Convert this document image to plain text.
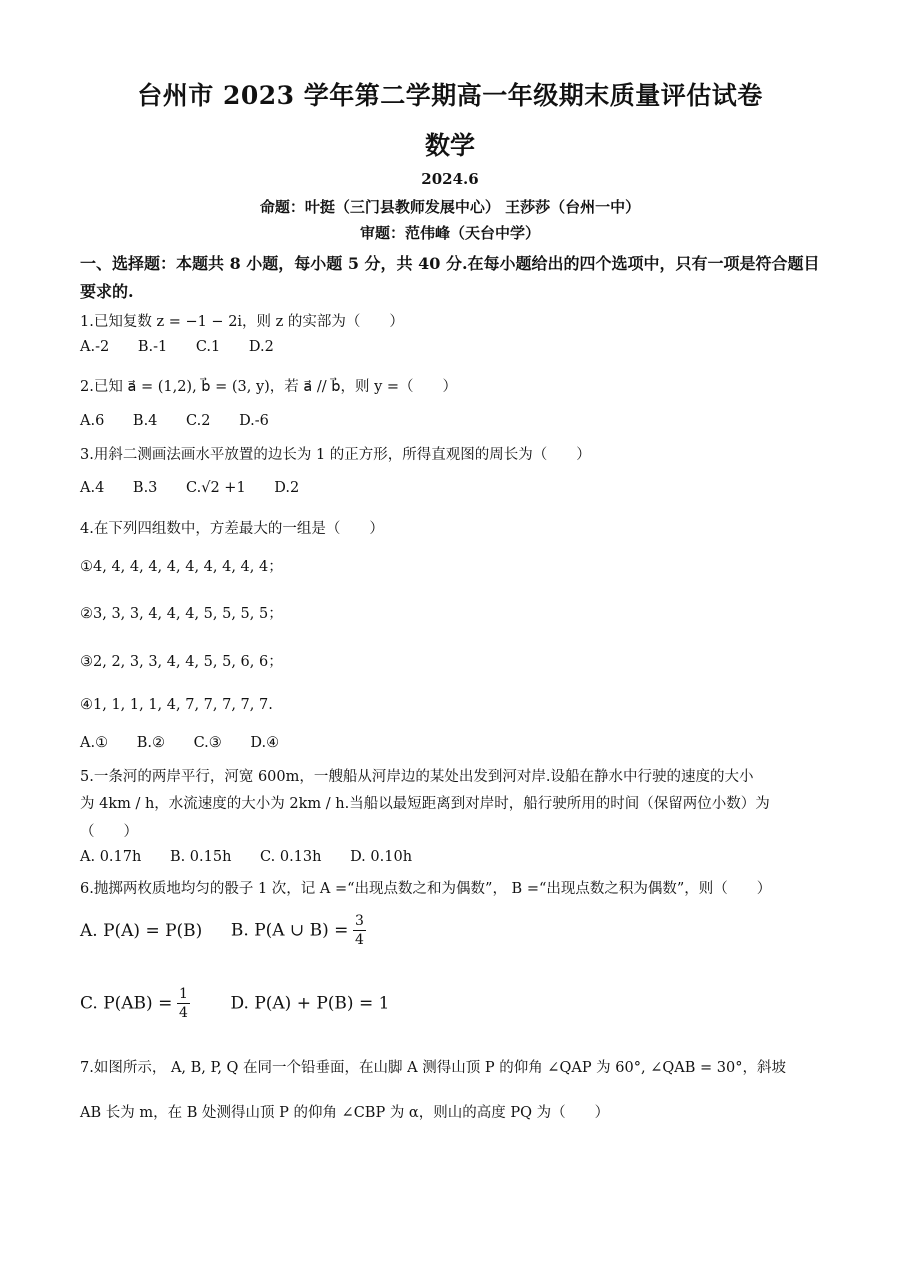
台州市 2023 学年第二学期高一年级期末质量评估试卷
数学
2024.6
命题：叶挺（三门县教师发展中心） 王莎莎（台州一中）
审题：范伟峰（天台中学）
一、选择题：本题共 8 小题，每小题 5 分，共 40 分.在每小题给出的四个选项中，只有一项是符合题目要求的.
1.已知复数 z = −1 − 2i，则 z 的实部为（　　）
A.-2 B.-1 C.1 D.2
2.已知 a⃗ = (1,2), b⃗ = (3, y)，若 a⃗ // b⃗，则 y =（　　）
A.6 B.4 C.2 D.-6
3.用斜二测画法画水平放置的边长为 1 的正方形，所得直观图的周长为（　　）
A.4 B.3 C.√2 +1 D.2
4.在下列四组数中，方差最大的一组是（　　）
①4, 4, 4, 4, 4, 4, 4, 4, 4, 4；
②3, 3, 3, 4, 4, 4, 5, 5, 5, 5；
③2, 2, 3, 3, 4, 4, 5, 5, 6, 6；
④1, 1, 1, 1, 4, 7, 7, 7, 7, 7.
A.① B.② C.③ D.④
5.一条河的两岸平行，河宽 600m，一艘船从河岸边的某处出发到河对岸.设船在静水中行驶的速度的大小
为 4km / h，水流速度的大小为 2km / h.当船以最短距离到对岸时，船行驶所用的时间（保留两位小数）为
（　　）
A. 0.17h B. 0.15h C. 0.13h D. 0.10h
6.抛掷两枚质地均匀的骰子 1 次，记 A =“出现点数之和为偶数”， B =“出现点数之积为偶数”，则（　　）
A. P(A) = P(B) B. P(A ∪ $B) = \frac{3}{4}$
C. $P(AB) = \frac{1}{4} D$. P(A) + P(B) = 1
7.如图所示， A, B, P, Q 在同一个铅垂面，在山脚 A 测得山顶 P 的仰角 ∠QAP 为 60°, ∠QAB = 30°，斜坡
AB 长为 m，在 B 处测得山顶 P 的仰角 ∠CBP 为 α，则山的高度 PQ 为（　　）
